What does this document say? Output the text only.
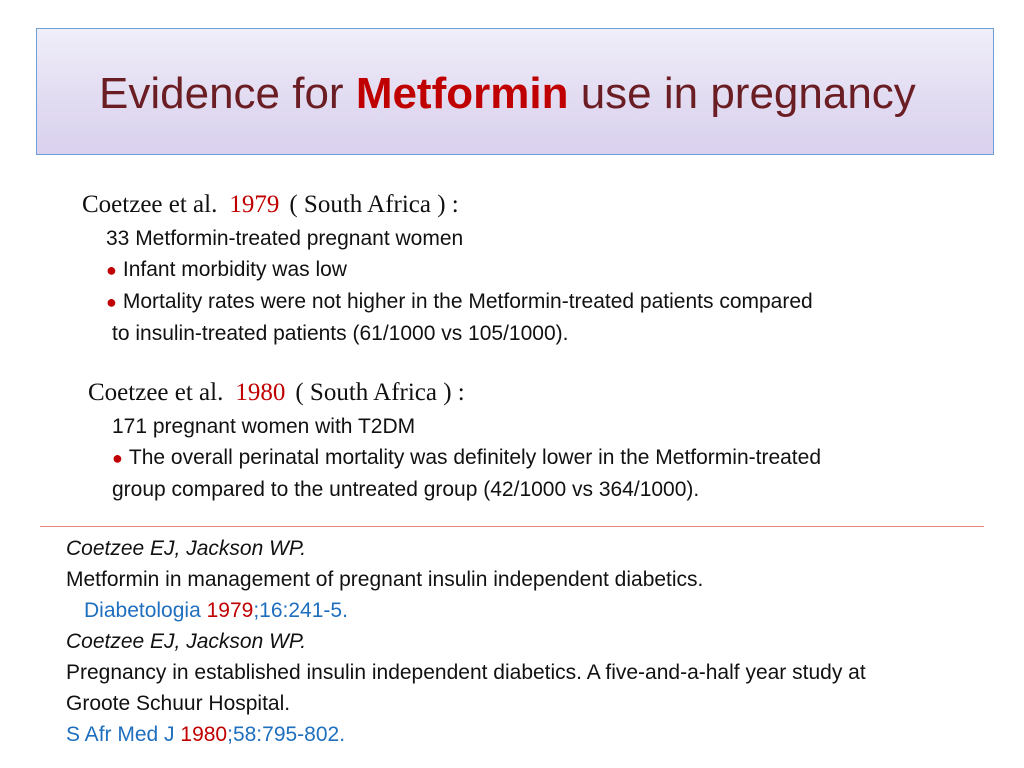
Evidence for Metformin use in pregnancy
Coetzee et al. 1979 ( South Africa ) :
33 Metformin-treated pregnant women
● Infant morbidity was low
● Mortality rates were not higher in the Metformin-treated patients compared
to insulin-treated patients (61/1000 vs 105/1000).
Coetzee et al. 1980 ( South Africa ) :
171 pregnant women with T2DM
● The overall perinatal mortality was definitely lower in the Metformin-treated
group compared to the untreated group (42/1000 vs 364/1000).
Coetzee EJ, Jackson WP.
Metformin in management of pregnant insulin independent diabetics.
Diabetologia 1979;16:241-5.
Coetzee EJ, Jackson WP.
Pregnancy in established insulin independent diabetics. A five-and-a-half year study at
Groote Schuur Hospital.
S Afr Med J 1980;58:795-802.
